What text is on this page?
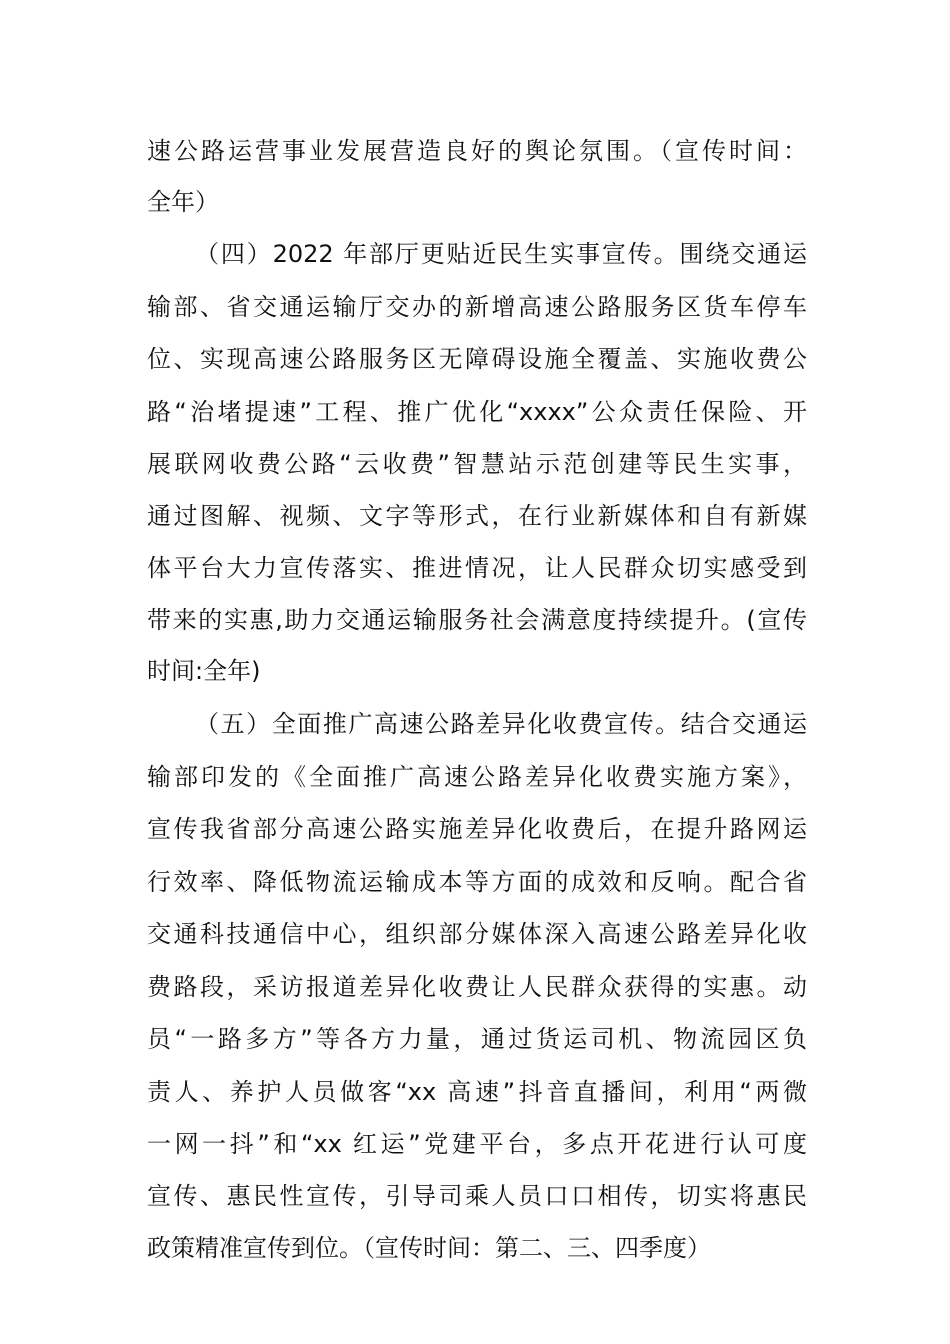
速公路运营事业发展营造良好的舆论氛围。（宣传时间：
全年）
（四）2022 年部厅更贴近民生实事宣传。围绕交通运
输部、省交通运输厅交办的新增高速公路服务区货车停车
位、实现高速公路服务区无障碍设施全覆盖、实施收费公
路“治堵提速”工程、推广优化“xxxx”公众责任保险、开
展联网收费公路“云收费”智慧站示范创建等民生实事，
通过图解、视频、文字等形式，在行业新媒体和自有新媒
体平台大力宣传落实、推进情况，让人民群众切实感受到
带来的实惠,助力交通运输服务社会满意度持续提升。(宣传
时间:全年)
（五）全面推广高速公路差异化收费宣传。结合交通运
输部印发的《全面推广高速公路差异化收费实施方案》，
宣传我省部分高速公路实施差异化收费后，在提升路网运
行效率、降低物流运输成本等方面的成效和反响。配合省
交通科技通信中心，组织部分媒体深入高速公路差异化收
费路段，采访报道差异化收费让人民群众获得的实惠。动
员“一路多方”等各方力量，通过货运司机、物流园区负
责人、养护人员做客“xx 高速”抖音直播间，利用“两微
一网一抖”和“xx 红运”党建平台，多点开花进行认可度
宣传、惠民性宣传，引导司乘人员口口相传，切实将惠民
政策精准宣传到位。（宣传时间：第二、三、四季度）
